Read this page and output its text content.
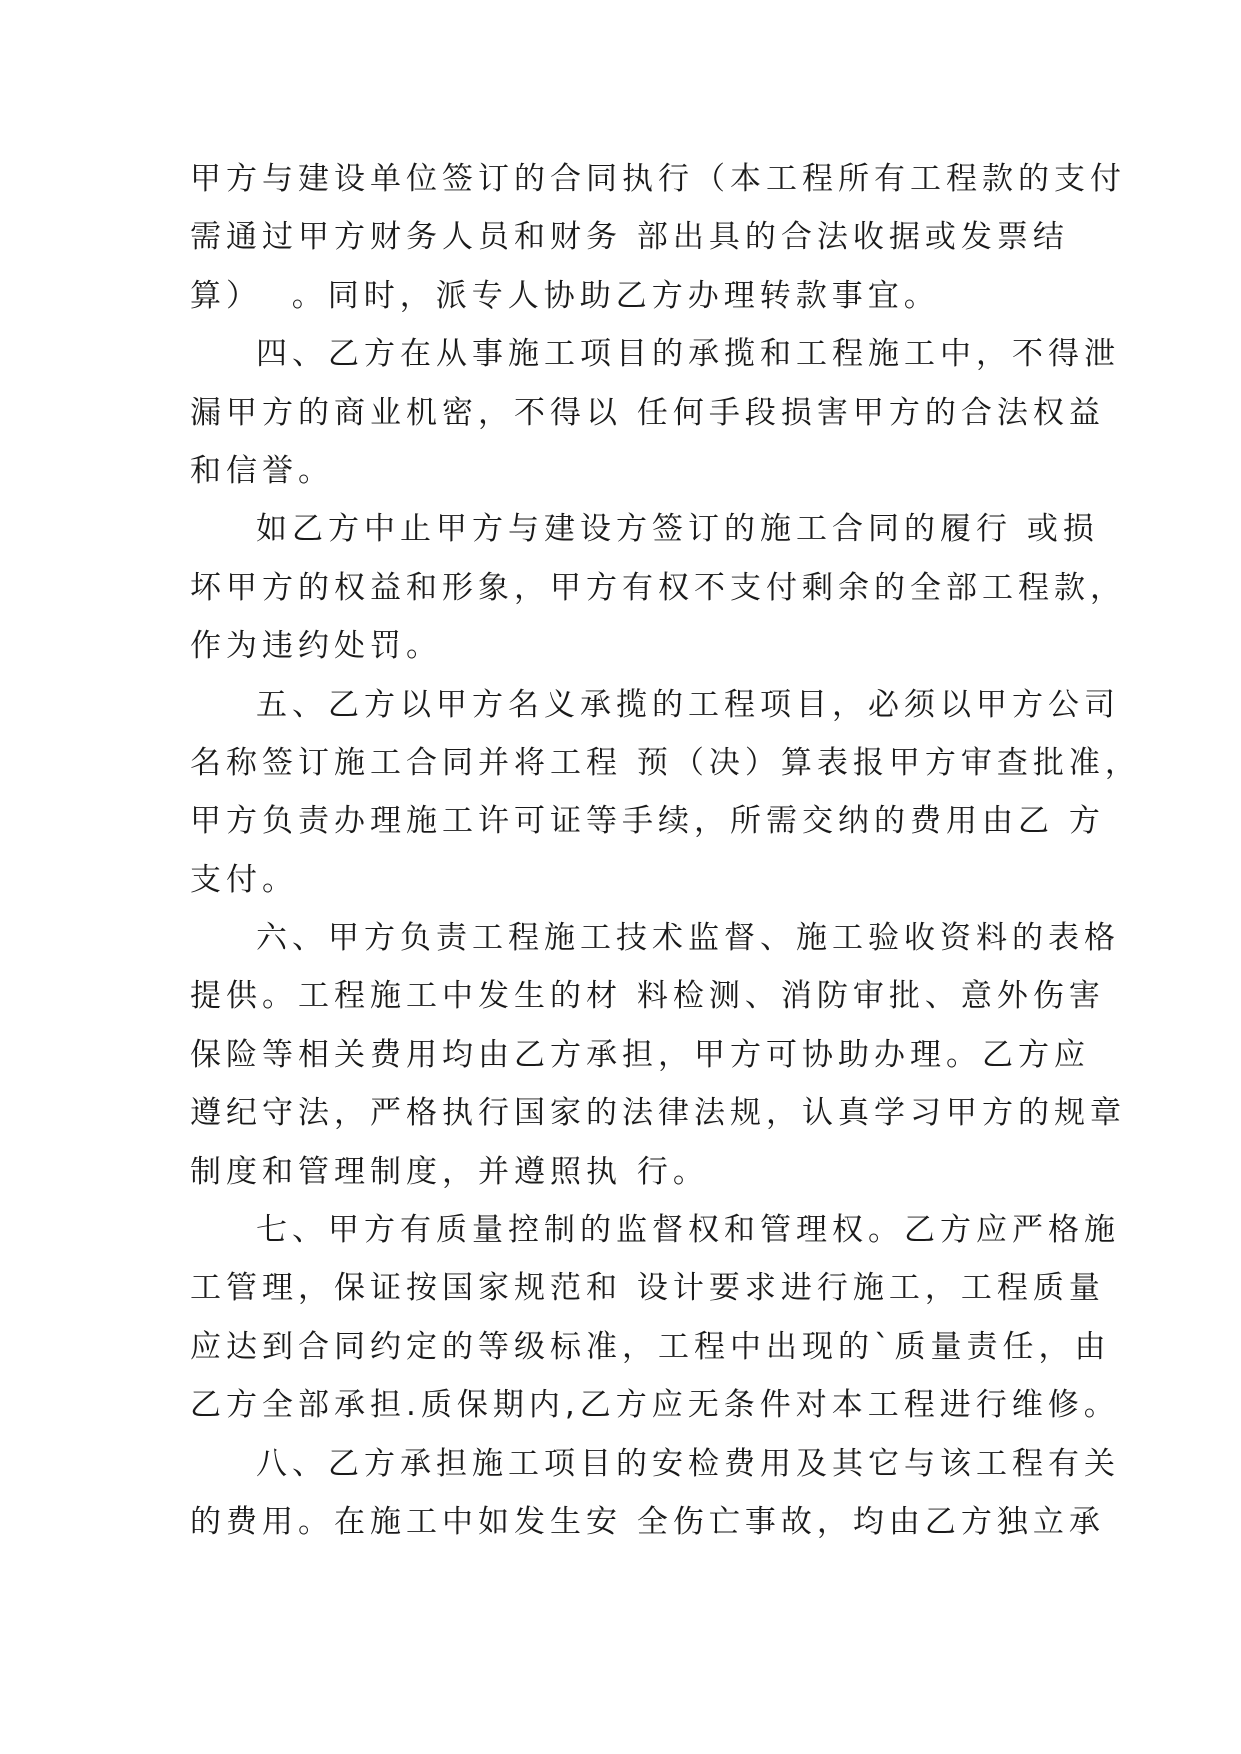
甲方与建设单位签订的合同执行（本工程所有工程款的支付

需通过甲方财务人员和财务 部出具的合法收据或发票结

算）  。同时，派专人协助乙方办理转款事宜。

四、乙方在从事施工项目的承揽和工程施工中，不得泄

漏甲方的商业机密，不得以 任何手段损害甲方的合法权益

和信誉。

如乙方中止甲方与建设方签订的施工合同的履行 或损

坏甲方的权益和形象，甲方有权不支付剩余的全部工程款，

作为违约处罚。

五、乙方以甲方名义承揽的工程项目，必须以甲方公司

名称签订施工合同并将工程 预（决）算表报甲方审查批准，

甲方负责办理施工许可证等手续，所需交纳的费用由乙 方

支付。

六、甲方负责工程施工技术监督、施工验收资料的表格

提供。工程施工中发生的材 料检测、消防审批、意外伤害

保险等相关费用均由乙方承担，甲方可协助办理。乙方应

遵纪守法，严格执行国家的法律法规，认真学习甲方的规章

制度和管理制度，并遵照执 行。

七、甲方有质量控制的监督权和管理权。乙方应严格施

工管理，保证按国家规范和 设计要求进行施工，工程质量

应达到合同约定的等级标准，工程中出现的`质量责任，由

乙方全部承担.质保期内,乙方应无条件对本工程进行维修。

八、乙方承担施工项目的安检费用及其它与该工程有关

的费用。在施工中如发生安 全伤亡事故，均由乙方独立承
